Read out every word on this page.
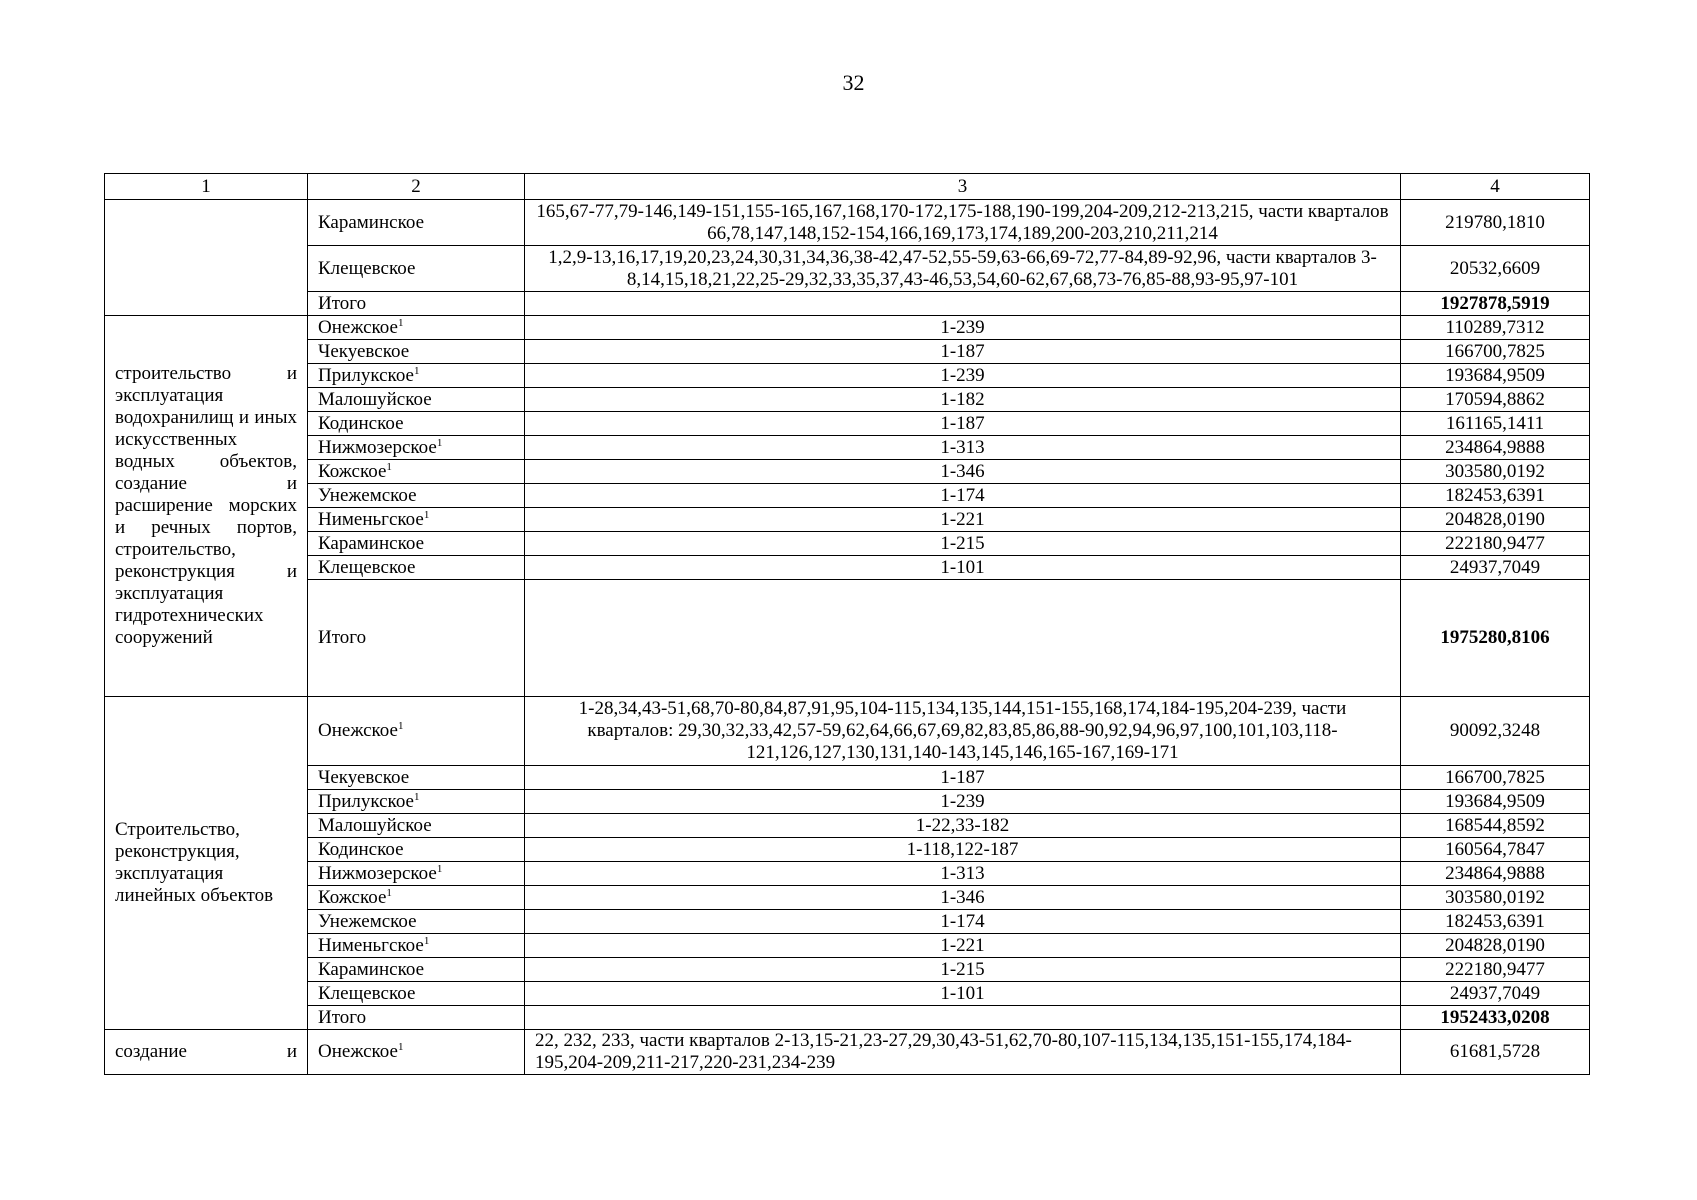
32
1	2	3	4
	Караминское	165,67-77,79-146,149-151,155-165,167,168,170-172,175-188,190-199,204-209,212-213,215, части кварталов 66,78,147,148,152-154,166,169,173,174,189,200-203,210,211,214	219780,1810
	Клещевское	1,2,9-13,16,17,19,20,23,24,30,31,34,36,38-42,47-52,55-59,63-66,69-72,77-84,89-92,96, части кварталов 3-8,14,15,18,21,22,25-29,32,33,35,37,43-46,53,54,60-62,67,68,73-76,85-88,93-95,97-101	20532,6609
	Итого		1927878,5919
строительство и эксплуатация водохранилищ и иных искусственных водных объектов, создание и расширение морских и речных портов, строительство, реконструкция и эксплуатация гидротехнических сооружений	Онежское$^1$	1-239	110289,7312
	Чекуевское	1-187	166700,7825
	Прилукское$^1$	1-239	193684,9509
	Малошуйское	1-182	170594,8862
	Кодинское	1-187	161165,1411
	Нижмозерское$^1$	1-313	234864,9888
	Кожское$^1$	1-346	303580,0192
	Унежемское	1-174	182453,6391
	Нименьгское$^1$	1-221	204828,0190
	Караминское	1-215	222180,9477
	Клещевское	1-101	24937,7049
	Итого		1975280,8106
Строительство, реконструкция, эксплуатация линейных объектов	Онежское$^1$	1-28,34,43-51,68,70-80,84,87,91,95,104-115,134,135,144,151-155,168,174,184-195,204-239, части кварталов: 29,30,32,33,42,57-59,62,64,66,67,69,82,83,85,86,88-90,92,94,96,97,100,101,103,118-121,126,127,130,131,140-143,145,146,165-167,169-171	90092,3248
	Чекуевское	1-187	166700,7825
	Прилукское$^1$	1-239	193684,9509
	Малошуйское	1-22,33-182	168544,8592
	Кодинское	1-118,122-187	160564,7847
	Нижмозерское$^1$	1-313	234864,9888
	Кожское$^1$	1-346	303580,0192
	Унежемское	1-174	182453,6391
	Нименьгское$^1$	1-221	204828,0190
	Караминское	1-215	222180,9477
	Клещевское	1-101	24937,7049
	Итого		1952433,0208
создание и	Онежское$^1$	22, 232, 233, части кварталов 2-13,15-21,23-27,29,30,43-51,62,70-80,107-115,134,135,151-155,174,184-195,204-209,211-217,220-231,234-239	61681,5728
